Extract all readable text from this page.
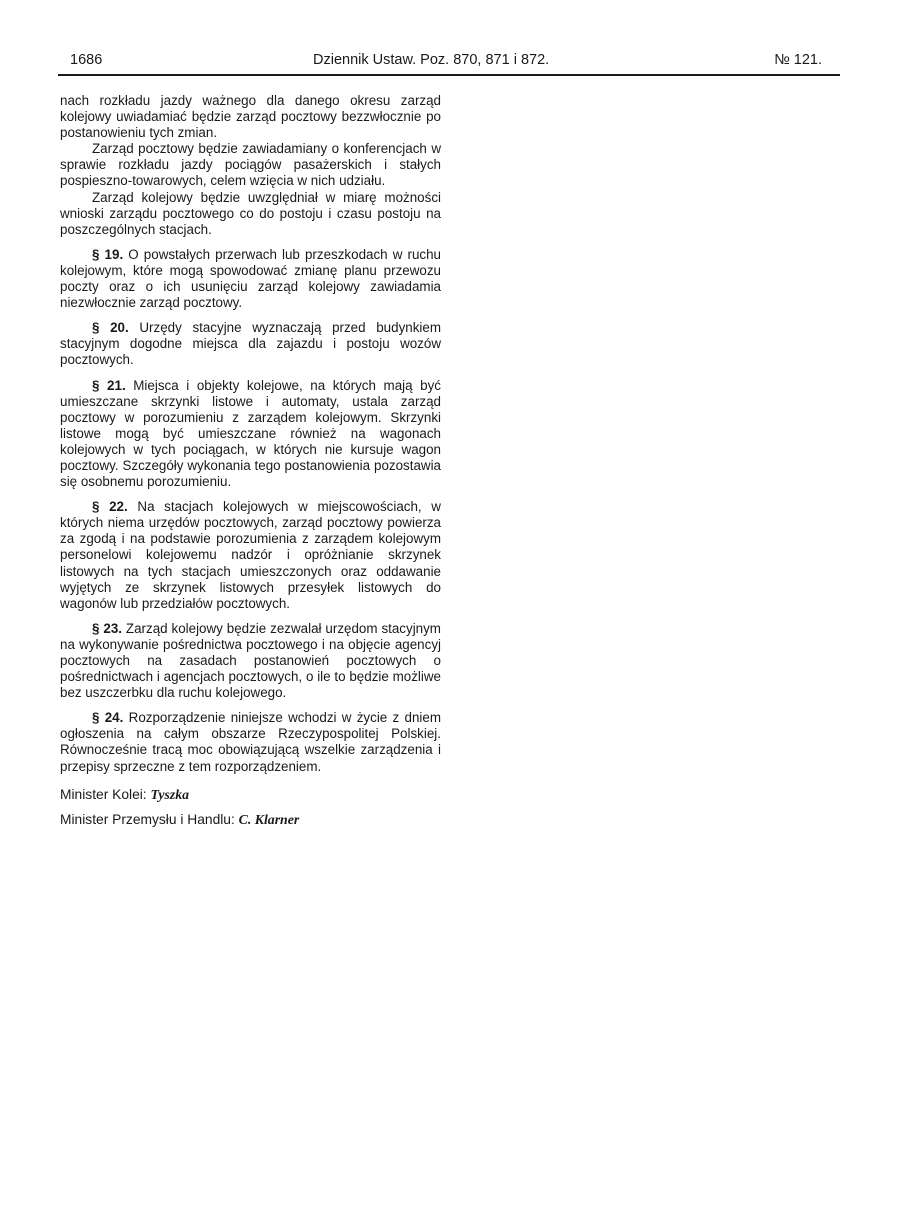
1686	Dziennik Ustaw. Poz. 870, 871 i 872.	№ 121.

nach rozkładu jazdy ważnego dla danego okresu zarząd kolejowy uwiadamiać będzie zarząd pocztowy bezzwłocznie po postanowieniu tych zmian.

Zarząd pocztowy będzie zawiadamiany o konferencjach w sprawie rozkładu jazdy pociągów pasażerskich i stałych pospieszno-towarowych, celem wzięcia w nich udziału.

Zarząd kolejowy będzie uwzględniał w miarę możności wnioski zarządu pocztowego co do postoju i czasu postoju na poszczególnych stacjach.

§ 19. O powstałych przerwach lub przeszkodach w ruchu kolejowym, które mogą spowodować zmianę planu przewozu poczty oraz o ich usunięciu zarząd kolejowy zawiadamia niezwłocznie zarząd pocztowy.

§ 20. Urzędy stacyjne wyznaczają przed budynkiem stacyjnym dogodne miejsca dla zajazdu i postoju wozów pocztowych.

§ 21. Miejsca i objekty kolejowe, na których mają być umieszczane skrzynki listowe i automaty, ustala zarząd pocztowy w porozumieniu z zarządem kolejowym. Skrzynki listowe mogą być umieszczane również na wagonach kolejowych w tych pociągach, w których nie kursuje wagon pocztowy. Szczegóły wykonania tego postanowienia pozostawia się osobnemu porozumieniu.

§ 22. Na stacjach kolejowych w miejscowościach, w których niema urzędów pocztowych, zarząd pocztowy powierza za zgodą i na podstawie porozumienia z zarządem kolejowym personelowi kolejowemu nadzór i opróżnianie skrzynek listowych na tych stacjach umieszczonych oraz oddawanie wyjętych ze skrzynek listowych przesyłek listowych do wagonów lub przedziałów pocztowych.

§ 23. Zarząd kolejowy będzie zezwalał urzędom stacyjnym na wykonywanie pośrednictwa pocztowego i na objęcie agencyj pocztowych na zasadach postanowień pocztowych o pośrednictwach i agencjach pocztowych, o ile to będzie możliwe bez uszczerbku dla ruchu kolejowego.

§ 24. Rozporządzenie niniejsze wchodzi w życie z dniem ogłoszenia na całym obszarze Rzeczypospolitej Polskiej. Równocześnie tracą moc obowiązującą wszelkie zarządzenia i przepisy sprzeczne z tem rozporządzeniem.

Minister Kolei: Tyszka

Minister Przemysłu i Handlu: C. Klarner
